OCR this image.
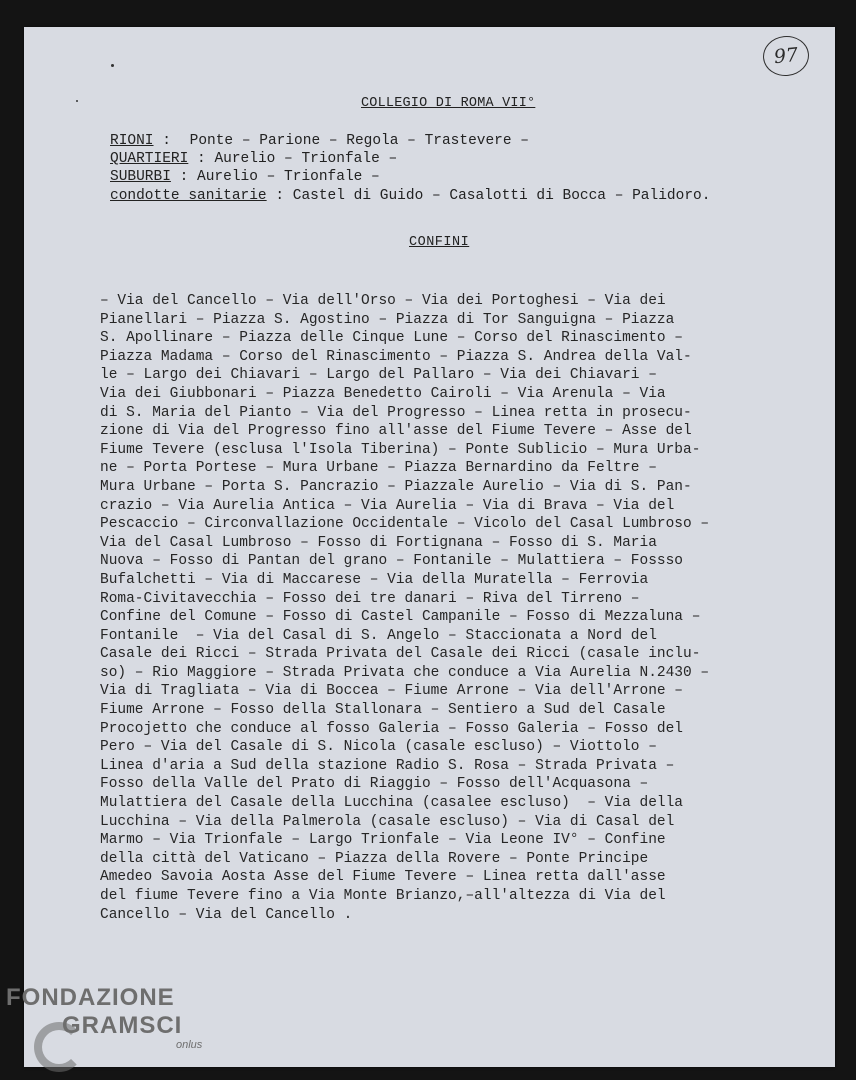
97
COLLEGIO DI ROMA VII°
RIONI : Ponte – Parione – Regola – Trastevere –
QUARTIERI : Aurelio – Trionfale –
SUBURBI : Aurelio – Trionfale –
condotte sanitarie : Castel di Guido – Casalotti di Bocca – Palidoro.
CONFINI
– Via del Cancello – Via dell'Orso – Via dei Portoghesi – Via dei
Pianellari – Piazza S. Agostino – Piazza di Tor Sanguigna – Piazza
S. Apollinare – Piazza delle Cinque Lune – Corso del Rinascimento –
Piazza Madama – Corso del Rinascimento – Piazza S. Andrea della Val-
le – Largo dei Chiavari – Largo del Pallaro – Via dei Chiavari –
Via dei Giubbonari – Piazza Benedetto Cairoli – Via Arenula – Via
di S. Maria del Pianto – Via del Progresso – Linea retta in prosecu-
zione di Via del Progresso fino all'asse del Fiume Tevere – Asse del
Fiume Tevere (esclusa l'Isola Tiberina) – Ponte Sublicio – Mura Urba-
ne – Porta Portese – Mura Urbane – Piazza Bernardino da Feltre –
Mura Urbane – Porta S. Pancrazio – Piazzale Aurelio – Via di S. Pan-
crazio – Via Aurelia Antica – Via Aurelia – Via di Brava – Via del
Pescaccio – Circonvallazione Occidentale – Vicolo del Casal Lumbroso –
Via del Casal Lumbroso – Fosso di Fortignana – Fosso di S. Maria
Nuova – Fosso di Pantan del grano – Fontanile – Mulattiera – Fossso
Bufalchetti – Via di Maccarese – Via della Muratella – Ferrovia
Roma-Civitavecchia – Fosso dei tre danari – Riva del Tirreno –
Confine del Comune – Fosso di Castel Campanile – Fosso di Mezzaluna –
Fontanile  – Via del Casal di S. Angelo – Staccionata a Nord del
Casale dei Ricci – Strada Privata del Casale dei Ricci (casale inclu-
so) – Rio Maggiore – Strada Privata che conduce a Via Aurelia N.2430 –
Via di Tragliata – Via di Boccea – Fiume Arrone – Via dell'Arrone –
Fiume Arrone – Fosso della Stallonara – Sentiero a Sud del Casale
Procojetto che conduce al fosso Galeria – Fosso Galeria – Fosso del
Pero – Via del Casale di S. Nicola (casale escluso) – Viottolo –
Linea d'aria a Sud della stazione Radio S. Rosa – Strada Privata –
Fosso della Valle del Prato di Riaggio – Fosso dell'Acquasona –
Mulattiera del Casale della Lucchina (casalee escluso)  – Via della
Lucchina – Via della Palmerola (casale escluso) – Via di Casal del
Marmo – Via Trionfale – Largo Trionfale – Via Leone IV° – Confine
della città del Vaticano – Piazza della Rovere – Ponte Principe
Amedeo Savoia Aosta Asse del Fiume Tevere – Linea retta dall'asse
del fiume Tevere fino a Via Monte Brianzo,–all'altezza di Via del
Cancello – Via del Cancello .
FONDAZIONE
GRAMSCI
onlus
